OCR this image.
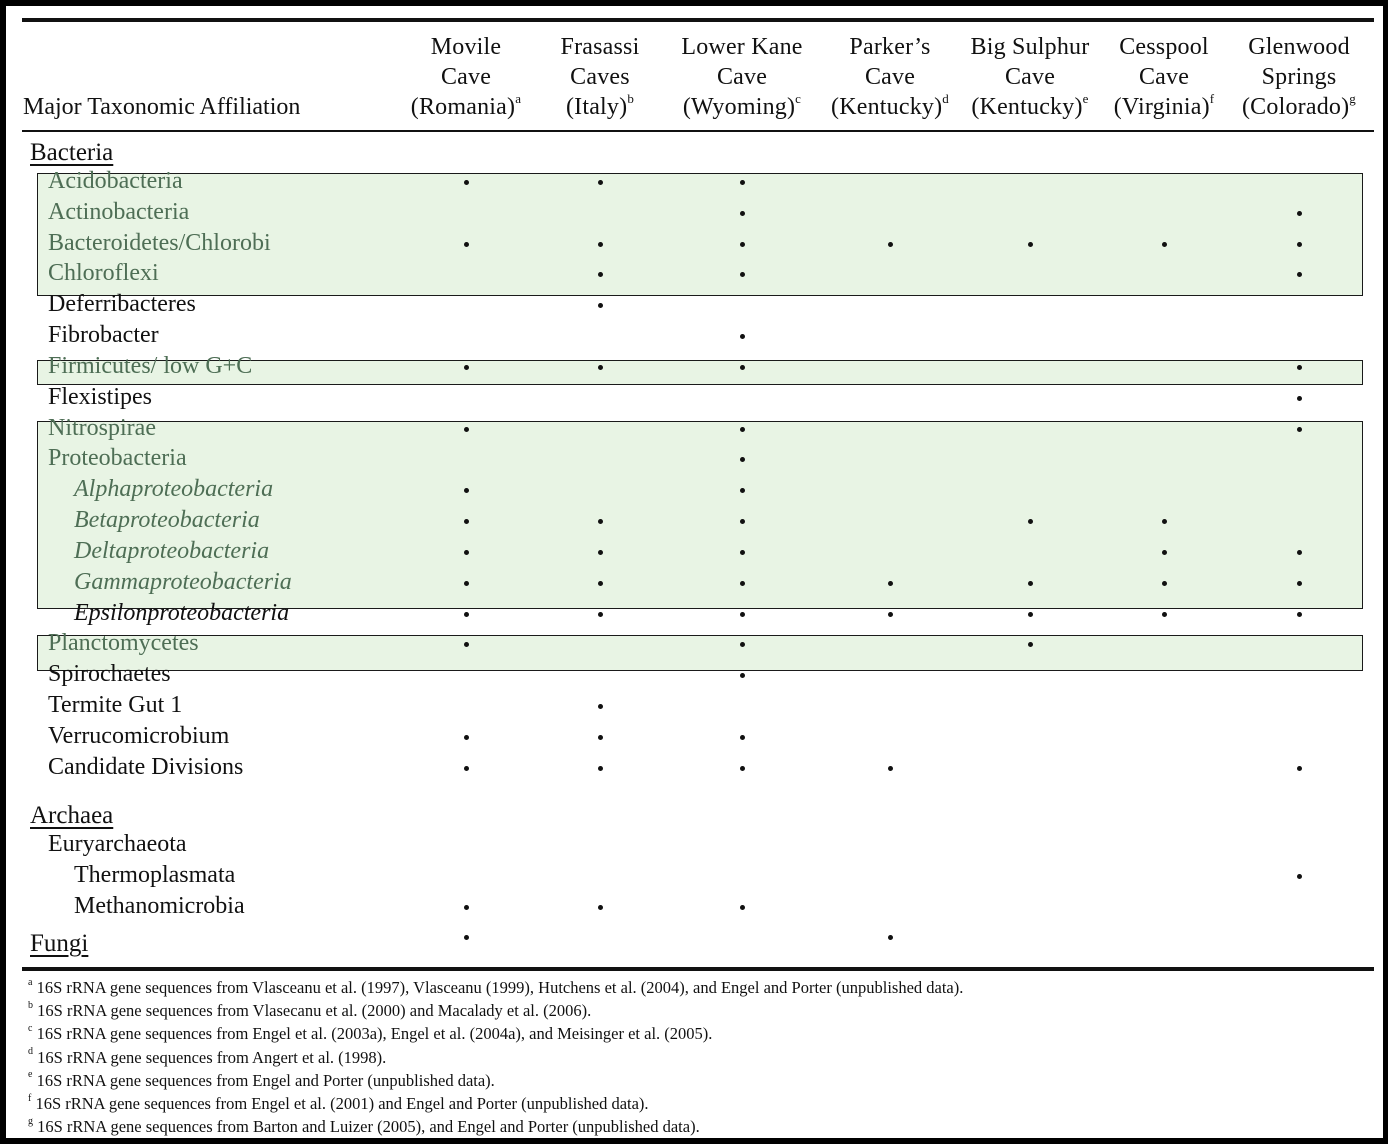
Major Taxonomic Affiliation
Movile
Cave
(Romania)$^a$
Frasassi
Caves
(Italy)$^b$
Lower Kane
Cave
$(Wyoming)^c$
Parker’s
Cave
(Kentucky)$^d$
Big Sulphur
Cave
(Kentucky)$^e$
Cesspool
Cave
(Virginia)$^f$
Glenwood
Springs
(Colorado)$^g$
Bacteria
Archaea
Fungi
Acidobacteria
Actinobacteria
Bacteroidetes/Chlorobi
Chloroflexi
Deferribacteres
Fibrobacter
Firmicutes/ low G+C
Flexistipes
Nitrospirae
Proteobacteria
Alphaproteobacteria
Betaproteobacteria
Deltaproteobacteria
Gammaproteobacteria
Epsilonproteobacteria
Planctomycetes
Spirochaetes
Termite Gut 1
Verrucomicrobium
Candidate Divisions
Euryarchaeota
Thermoplasmata
Methanomicrobia
$^a$ 16S rRNA gene sequences from Vlasceanu et al. (1997), Vlasceanu (1999), Hutchens et al. (2004), and Engel and Porter (unpublished data).
$^b$ 16S rRNA gene sequences from Vlasecanu et al. (2000) and Macalady et al. (2006).
$^c$ 16S rRNA gene sequences from Engel et al. (2003a), Engel et al. (2004a), and Meisinger et al. (2005).
$^d$ 16S rRNA gene sequences from Angert et al. (1998).
$^e$ 16S rRNA gene sequences from Engel and Porter (unpublished data).
$^f$ 16S rRNA gene sequences from Engel et al. (2001) and Engel and Porter (unpublished data).
$^g$ 16S rRNA gene sequences from Barton and Luizer (2005), and Engel and Porter (unpublished data).
